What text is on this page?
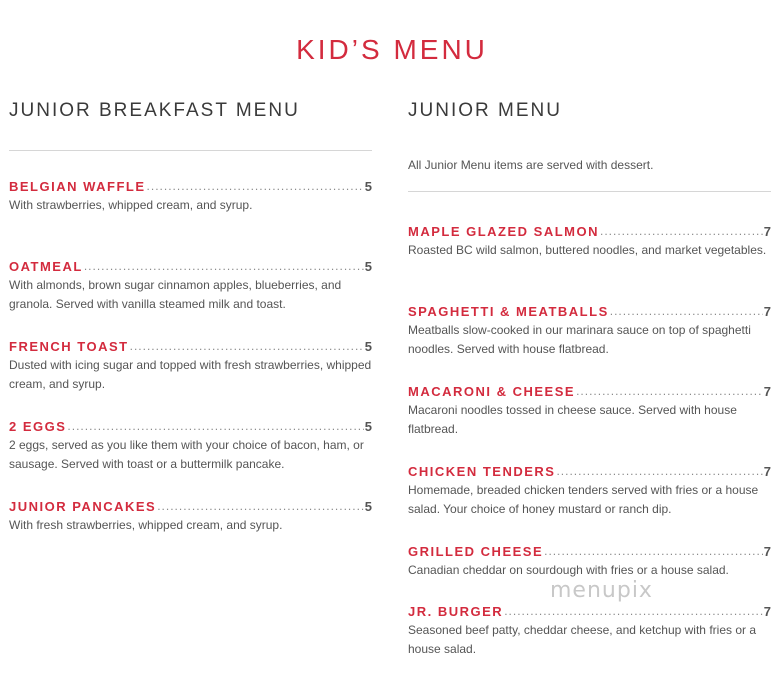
KID’S MENU
JUNIOR BREAKFAST MENU
BELGIAN WAFFLE .....	5
With strawberries, whipped cream, and syrup.
OATMEAL .....	5
With almonds, brown sugar cinnamon apples, blueberries, and granola. Served with vanilla steamed milk and toast.
FRENCH TOAST .....	5
Dusted with icing sugar and topped with fresh strawberries, whipped cream, and syrup.
2 EGGS .....	5
2 eggs, served as you like them with your choice of bacon, ham, or sausage. Served with toast or a buttermilk pancake.
JUNIOR PANCAKES .....	5
With fresh strawberries, whipped cream, and syrup.
JUNIOR MENU
All Junior Menu items are served with dessert.
MAPLE GLAZED SALMON .....	7
Roasted BC wild salmon, buttered noodles, and market vegetables.
SPAGHETTI & MEATBALLS .....	7
Meatballs slow-cooked in our marinara sauce on top of spaghetti noodles. Served with house flatbread.
MACARONI & CHEESE .....	7
Macaroni noodles tossed in cheese sauce. Served with house flatbread.
CHICKEN TENDERS .....	7
Homemade, breaded chicken tenders served with fries or a house salad. Your choice of honey mustard or ranch dip.
GRILLED CHEESE .....	7
Canadian cheddar on sourdough with fries or a house salad.
JR. BURGER .....	7
Seasoned beef patty, cheddar cheese, and ketchup with fries or a house salad.
menupix
